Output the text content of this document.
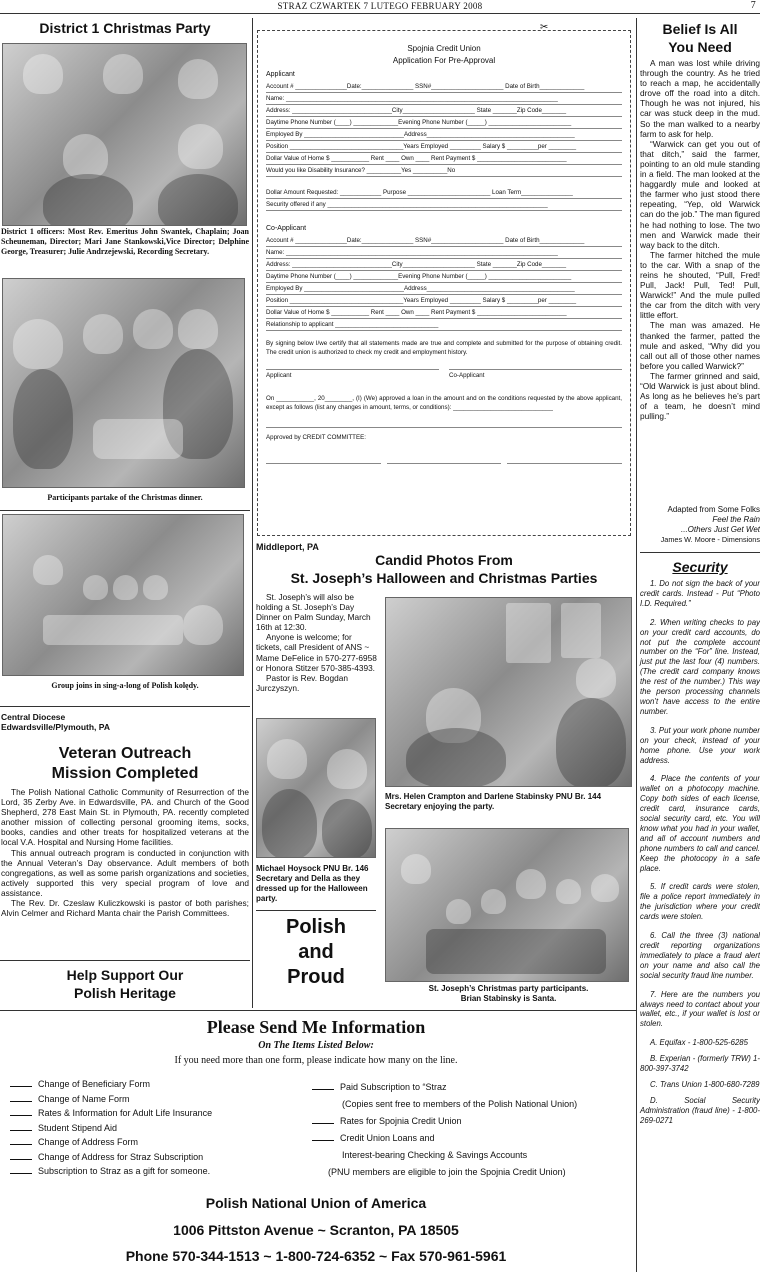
STRAZ CZWARTEK 7 LUTEGO FEBRUARY 2008	7
District 1 Christmas Party
District 1 officers: Most Rev. Emeritus John Swantek, Chaplain; Joan Scheuneman, Director; Mari Jane Stankowski,Vice Director; Delphine George, Treasurer; Julie Andrzejewski, Recording Secretary.
Participants partake of the Christmas dinner.
Group joins in sing-a-long of Polish kolędy.
Central Diocese
Edwardsville/Plymouth, PA
Veteran Outreach
Mission Completed

The Polish National Catholic Community of Resurrection of the Lord, 35 Zerby Ave. in Edwardsville, PA. and Church of the Good Shepherd, 278 East Main St. in Plymouth, PA. recently completed another mission of collecting personal grooming items, socks, books, candies and other treats for hospitalized veterans at the local V.A. Hospital and Nursing Home facilities.

This annual outreach program is conducted in conjunction with the Annual Veteran’s Day observance. Adult members of both congregations, as well as some parish organizations and societies, actively supported this very special program of love and assistance.

The Rev. Dr. Czeslaw Kuliczkowski is pastor of both parishes; Alvin Celmer and Richard Manta chair the Parish Committees.

Help Support Our
Polish Heritage
✂
Spojnia Credit Union
Application For Pre-Approval
Applicant
Account # _______________Date:_______________ SSN#_____________________ Date of Birth_____________
Name: _______________________________________________________________________________
Address: _____________________________City_____________________ State _______Zip Code_______
Daytime Phone Number (____) _____________Evening Phone Number (_____) ________________________
Employed By _____________________________Address___________________________________________
Position _________________________________Years Employed _________ Salary $ _________per ________
Dollar Value of Home $ ___________ Rent ____ Own ____ Rent Payment $ __________________________
Would you like Disability Insurance? __________Yes __________No
Dollar Amount Requested: ____________ Purpose ________________________ Loan Term_______________
Security offered if any ________________________________________________________________
Co-Applicant
Account # _______________Date:_______________ SSN#_____________________ Date of Birth_____________
Name: _______________________________________________________________________________
Address: _____________________________City_____________________ State _______Zip Code_______
Daytime Phone Number (____) _____________Evening Phone Number (_____) ________________________
Employed By _____________________________Address___________________________________________
Position _________________________________Years Employed _________ Salary $ _________per ________
Dollar Value of Home $ ___________ Rent ____ Own ____ Rent Payment $ __________________________
Relationship to applicant ______________________________
By signing below I/we certify that all statements made are true and complete and submitted for the purpose of obtaining credit. The credit union is authorized to check my credit and employment history.
Applicant	Co-Applicant
On ___________, 20________, (I) (We) approved a loan in the amount and on the conditions requested by the above applicant, except as follows (list any changes in amount, terms, or conditions): _____________________________
Approved by CREDIT COMMITTEE:
Middleport, PA
Candid Photos From
St. Joseph’s Halloween and Christmas Parties

St. Joseph’s will also be holding a St. Joseph’s Day Dinner on Palm Sunday, March 16th at 12:30.

Anyone is welcome; for tickets, call President of ANS ~ Mame DeFelice in 570-277-6958 or Honora Stitzer 570-385-4393.

Pastor is Rev. Bogdan Jurczyszyn.

Michael Hoysock PNU Br. 146 Secretary and Della as they dressed up for the Halloween party.
Polish
and
Proud
Mrs. Helen Crampton and Darlene Stabinsky PNU Br. 144 Secretary enjoying the party.
St. Joseph’s Christmas party participants.
Brian Stabinsky is Santa.
Belief Is All
You Need

A man was lost while driving through the country. As he tried to reach a map, he accidentally drove off the road into a ditch. Though he was not injured, his car was stuck deep in the mud. So the man walked to a nearby farm to ask for help.

“Warwick can get you out of that ditch,” said the farmer, pointing to an old mule standing in a field. The man looked at the haggardly mule and looked at the farmer who just stood there repeating, “Yep, old Warwick can do the job.” The man figured he had nothing to lose. The two men and Warwick made their way back to the ditch.

The farmer hitched the mule to the car. With a snap of the reins he shouted, “Pull, Fred! Pull, Jack! Pull, Ted! Pull, Warwick!” And the mule pulled the car from the ditch with very little effort.

The man was amazed. He thanked the farmer, patted the mule and asked, “Why did you call out all of those other names before you called Warwick?”

The farmer grinned and said, “Old Warwick is just about blind. As long as he believes he’s part of a team, he doesn’t mind pulling.”

Adapted from Some Folks
Feel the Rain
...Others Just Get Wet
James W. Moore - Dimensions
Security

1. Do not sign the back of your credit cards. Instead - Put “Photo I.D. Required.”

2. When writing checks to pay on your credit card accounts, do not put the complete account number on the “For” line. Instead, just put the last four (4) numbers. (The credit card company knows the rest of the number.) This way the person processing channels won’t have access to the entire number.

3. Put your work phone number on your check, instead of your home phone. Use your work address.

4. Place the contents of your wallet on a photocopy machine. Copy both sides of each license, credit card, insurance cards, social security card, etc. You will know what you had in your wallet, and all of account numbers and phone numbers to call and cancel. Keep the photocopy in a safe place.

5. If credit cards were stolen, file a police report immediately in the jurisdiction where your credit cards were stolen.

6. Call the three (3) national credit reporting organizations immediately to place a fraud alert on your name and also call the social security fraud line number.

7. Here are the numbers you always need to contact about your wallet, etc., if your wallet is lost or stolen.

A. Equifax - 1-800-525-6285

B. Experian - (formerly TRW) 1-800-397-3742

C. Trans Union 1-800-680-7289

D. Social Security Administration (fraud line) - 1-800-269-0271

Please Send Me Information
On The Items Listed Below:
If you need more than one form, please indicate how many on the line.
Change of Beneficiary Form
Change of Name Form
Rates & Information for Adult Life Insurance
Student Stipend Aid
Change of Address Form
Change of Address for Straz Subscription
Subscription to Straz as a gift for someone.
Paid Subscription to “Straz
(Copies sent free to members of the Polish National Union)
Rates for Spojnia Credit Union
Credit Union Loans and
Interest-bearing Checking & Savings Accounts
(PNU members are eligible to join the Spojnia Credit Union)
Polish National Union of America
1006 Pittston Avenue ~ Scranton, PA 18505
Phone 570-344-1513 ~ 1-800-724-6352 ~ Fax 570-961-5961
